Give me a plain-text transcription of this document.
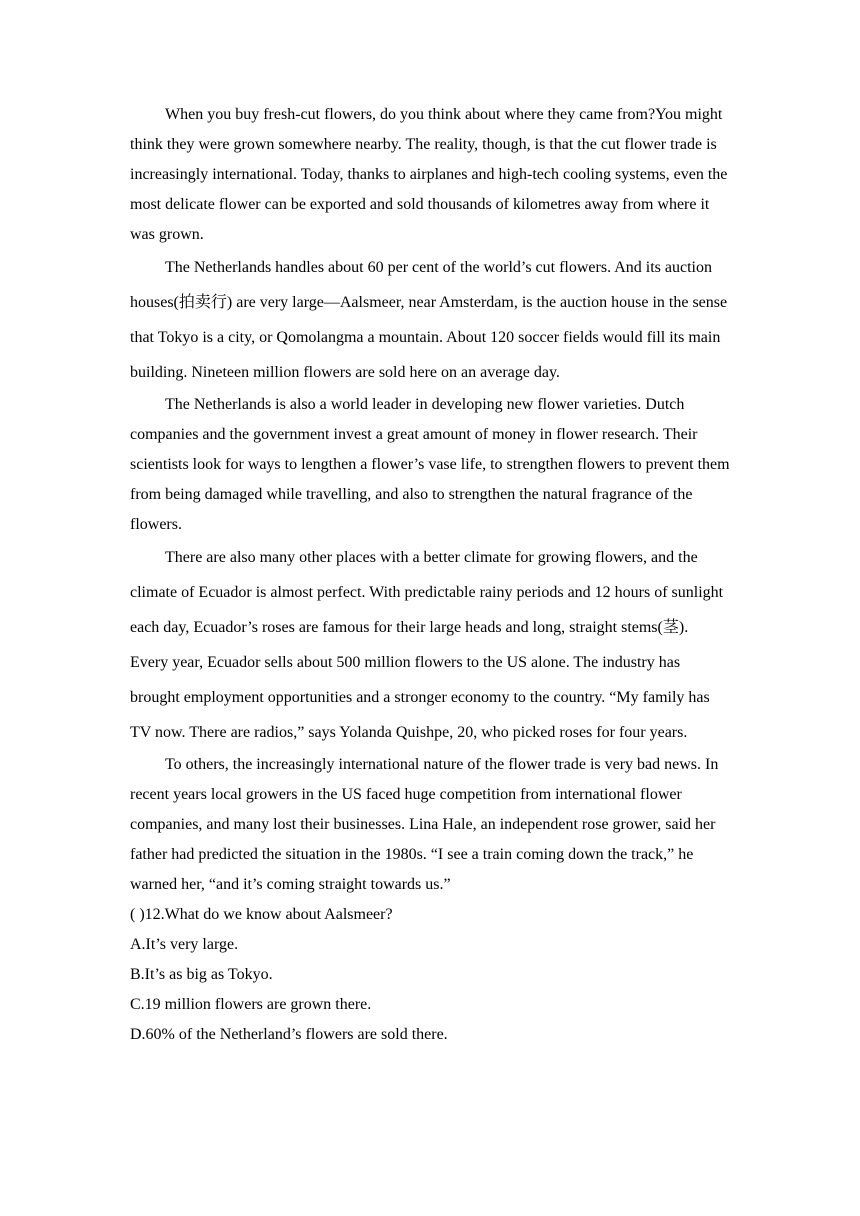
When you buy fresh-cut flowers, do you think about where they came from?You might think they were grown somewhere nearby. The reality, though, is that the cut flower trade is increasingly international. Today, thanks to airplanes and high-tech cooling systems, even the most delicate flower can be exported and sold thousands of kilometres away from where it was grown.

The Netherlands handles about 60 per cent of the world’s cut flowers. And its auction houses(拍卖行) are very large—Aalsmeer, near Amsterdam, is the auction house in the sense that Tokyo is a city, or Qomolangma a mountain. About 120 soccer fields would fill its main building. Nineteen million flowers are sold here on an average day.

The Netherlands is also a world leader in developing new flower varieties. Dutch companies and the government invest a great amount of money in flower research. Their scientists look for ways to lengthen a flower’s vase life, to strengthen flowers to prevent them from being damaged while travelling, and also to strengthen the natural fragrance of the flowers.

There are also many other places with a better climate for growing flowers, and the climate of Ecuador is almost perfect. With predictable rainy periods and 12 hours of sunlight each day, Ecuador’s roses are famous for their large heads and long, straight stems(茎). Every year, Ecuador sells about 500 million flowers to the US alone. The industry has brought employment opportunities and a stronger economy to the country. “My family has TV now. There are radios,” says Yolanda Quishpe, 20, who picked roses for four years.

To others, the increasingly international nature of the flower trade is very bad news. In recent years local growers in the US faced huge competition from international flower companies, and many lost their businesses. Lina Hale, an independent rose grower, said her father had predicted the situation in the 1980s. “I see a train coming down the track,” he warned her, “and it’s coming straight towards us.”

( )12.What do we know about Aalsmeer?

A.It’s very large.

B.It’s as big as Tokyo.

C.19 million flowers are grown there.

D.60% of the Netherland’s flowers are sold there.
